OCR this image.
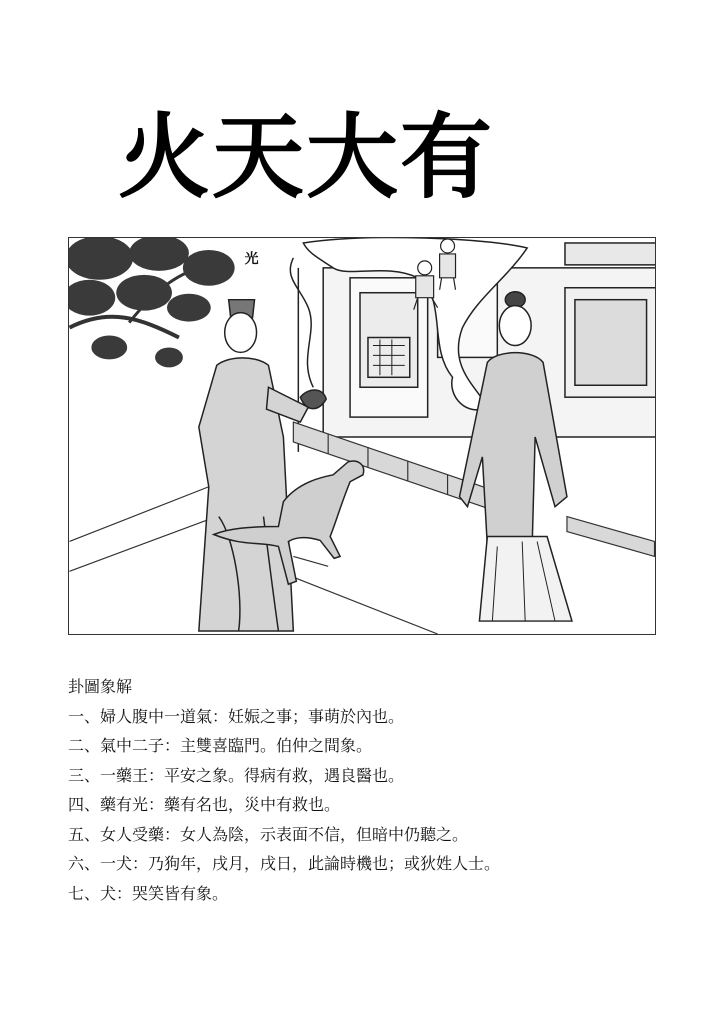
火天大有
光
卦圖象解
一、婦人腹中一道氣：妊娠之事；事萌於內也。
二、氣中二子：主雙喜臨門。伯仲之間象。
三、一藥王：平安之象。得病有救，遇良醫也。
四、藥有光：藥有名也，災中有救也。
五、女人受藥：女人為陰，示表面不信，但暗中仍聽之。
六、一犬：乃狗年，戌月，戌日，此論時機也；或狄姓人士。
七、犬：哭笑皆有象。
